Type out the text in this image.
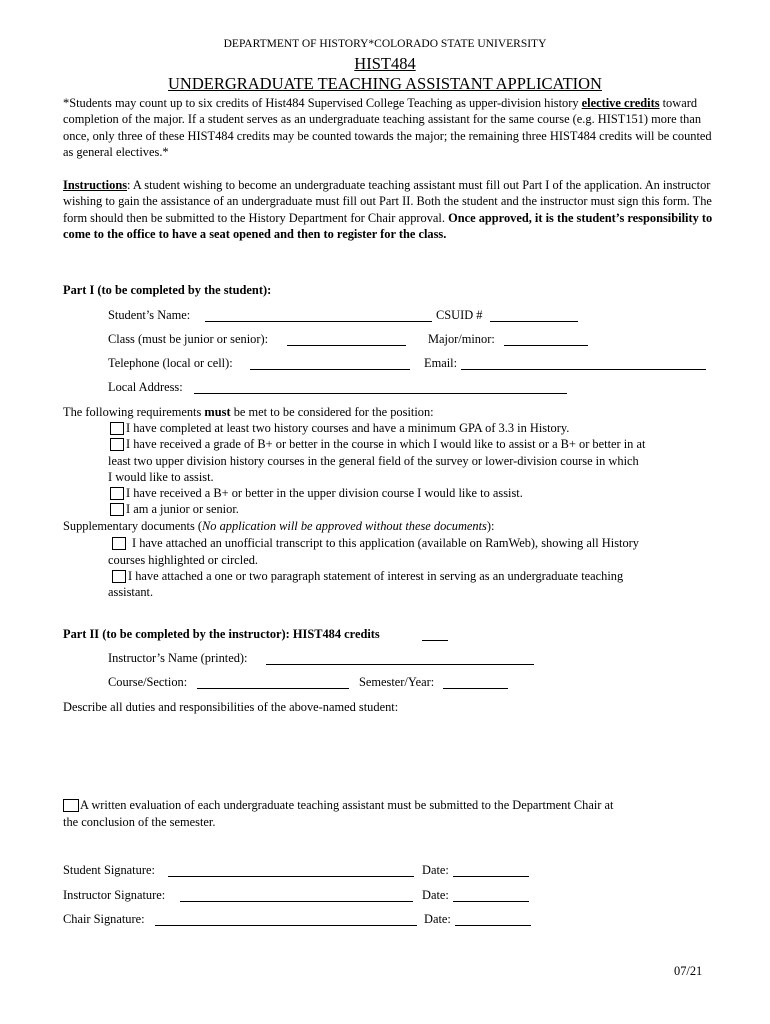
DEPARTMENT OF HISTORY*COLORADO STATE UNIVERSITY
HIST484
UNDERGRADUATE TEACHING ASSISTANT APPLICATION
*Students may count up to six credits of Hist484 Supervised College Teaching as upper-division history elective credits toward completion of the major. If a student serves as an undergraduate teaching assistant for the same course (e.g. HIST151) more than once, only three of these HIST484 credits may be counted towards the major; the remaining three HIST484 credits will be counted as general electives.*
Instructions: A student wishing to become an undergraduate teaching assistant must fill out Part I of the application. An instructor wishing to gain the assistance of an undergraduate must fill out Part II. Both the student and the instructor must sign this form. The form should then be submitted to the History Department for Chair approval. Once approved, it is the student’s responsibility to come to the office to have a seat opened and then to register for the class.
Part I (to be completed by the student):
Student’s Name:	CSUID #
Class (must be junior or senior):	Major/minor:
Telephone (local or cell):	Email:
Local Address:
The following requirements must be met to be considered for the position:
I have completed at least two history courses and have a minimum GPA of 3.3 in History.
I have received a grade of B+ or better in the course in which I would like to assist or a B+ or better in at
least two upper division history courses in the general field of the survey or lower-division course in which
I would like to assist.
I have received a B+ or better in the upper division course I would like to assist.
I am a junior or senior.
Supplementary documents (No application will be approved without these documents):
I have attached an unofficial transcript to this application (available on RamWeb), showing all History
courses highlighted or circled.
I have attached a one or two paragraph statement of interest in serving as an undergraduate teaching
assistant.
Part II (to be completed by the instructor): HIST484 credits
Instructor’s Name (printed):
Course/Section:	Semester/Year:
Describe all duties and responsibilities of the above-named student:
A written evaluation of each undergraduate teaching assistant must be submitted to the Department Chair at
the conclusion of the semester.
Student Signature:	Date:
Instructor Signature:	Date:
Chair Signature:	Date:
07/21
